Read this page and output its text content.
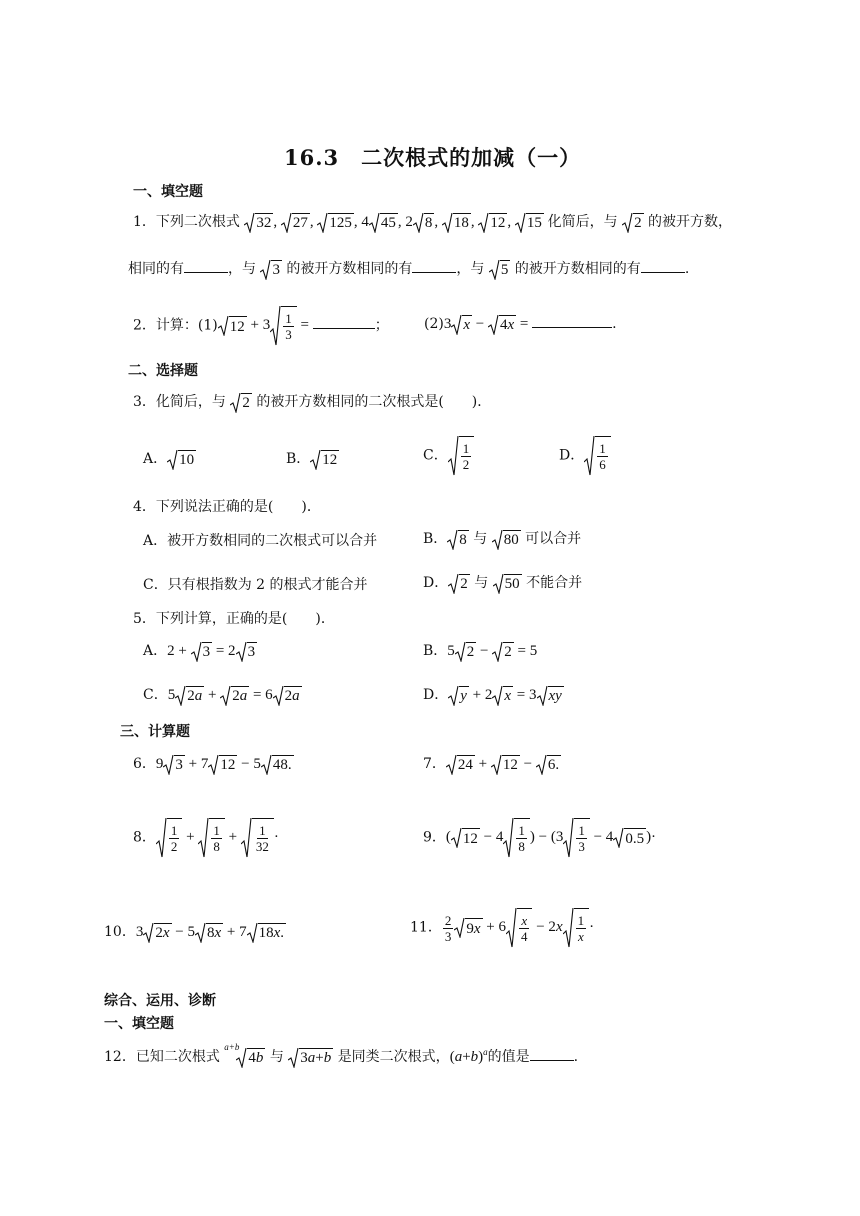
16.3　二次根式的加减（一）
一、填空题
1．下列二次根式 32 , 27 , 125 , 4 45 , 2 8 , 18 , 12 , 15 化简后，与 2 的被开方数，
相同的有	，与 3 的被开方数相同的有	，与 5 的被开方数相同的有	.
2．计算：(1) $12 + 3 \frac{1}{3}$ =	；	(2)3 x − 4 x =	.
二、选择题
3．化简后，与 2 的被开方数相同的二次根式是(　　)．
A． 10	B． 12	C． $\frac{1}{2}$	D． $\frac{1}{6}$
4．下列说法正确的是(　　)．
A．被开方数相同的二次根式可以合并	B． 8 与 80 可以合并
C．只有根指数为 2 的根式才能合并	D． 2 与 50 不能合并
5．下列计算，正确的是(　　)．
A．2 + 3 = 2 3	B．5 2 − 2 = 5
C．5 2 a + 2 a = 6 2 a	D． y + 2 x = 3 xy
三、计算题
6．9 3 + 7 12 − 5 48.	7． 24 + 12 − 6.
8． $\frac{1}{2} + \frac{1}{8} + \frac{1}{32}$ ·	9．( $12 - 4 \frac{1}{8}$ ) − ($3 \frac{1}{3} - 4$ 0.5 )·
10．3 2 x − 5 8 x + 7 18 x .	11． $\frac{2}{3} 9$ $x + 6 \frac{x}{4} - 2x \frac{1}{x}$ ·
综合、运用、诊断
一、填空题
12．已知二次根式 $^{a+b}$
4 b 与 3 a + b 是同类二次根式，$(a+b)^a$的值是	.
